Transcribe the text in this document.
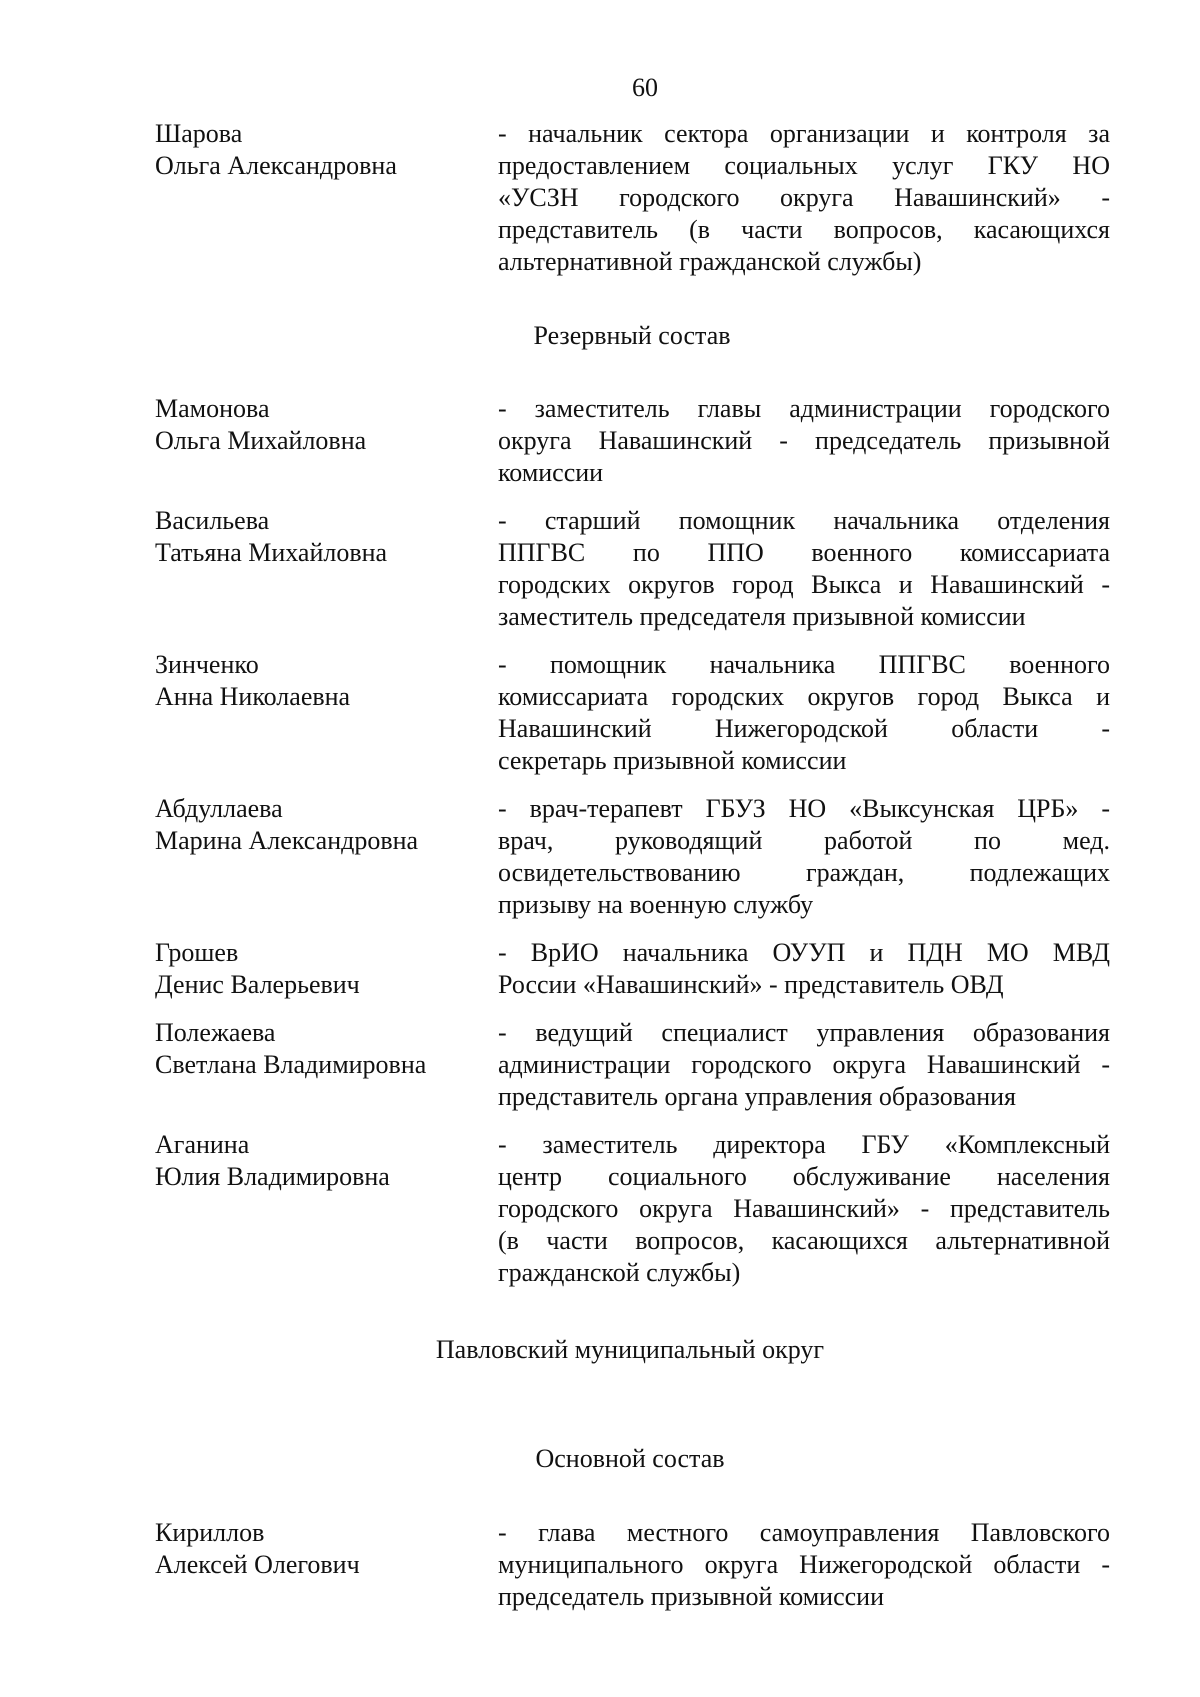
60
Шарова
Ольга Александровна
- начальник сектора организации и контроля за
предоставлением социальных услуг ГКУ НО
«УСЗН городского округа Навашинский» -
представитель (в части вопросов, касающихся
альтернативной гражданской службы)
Резервный состав
Мамонова
Ольга Михайловна
- заместитель главы администрации городского
округа Навашинский - председатель призывной
комиссии
Васильева
Татьяна Михайловна
- старший помощник начальника отделения
ППГВС по ППО военного комиссариата
городских округов город Выкса и Навашинский -
заместитель председателя призывной комиссии
Зинченко
Анна Николаевна
- помощник начальника ППГВС военного
комиссариата городских округов город Выкса и
Навашинский Нижегородской области -
секретарь призывной комиссии
Абдуллаева
Марина Александровна
- врач-терапевт ГБУЗ НО «Выксунская ЦРБ» -
врач, руководящий работой по мед.
освидетельствованию граждан, подлежащих
призыву на военную службу
Грошев
Денис Валерьевич
- ВрИО начальника ОУУП и ПДН МО МВД
России «Навашинский» - представитель ОВД
Полежаева
Светлана Владимировна
- ведущий специалист управления образования
администрации городского округа Навашинский -
представитель органа управления образования
Аганина
Юлия Владимировна
- заместитель директора ГБУ «Комплексный
центр социального обслуживание населения
городского округа Навашинский» - представитель
(в части вопросов, касающихся альтернативной
гражданской службы)
Павловский муниципальный округ
Основной состав
Кириллов
Алексей Олегович
- глава местного самоуправления Павловского
муниципального округа Нижегородской области -
председатель призывной комиссии
